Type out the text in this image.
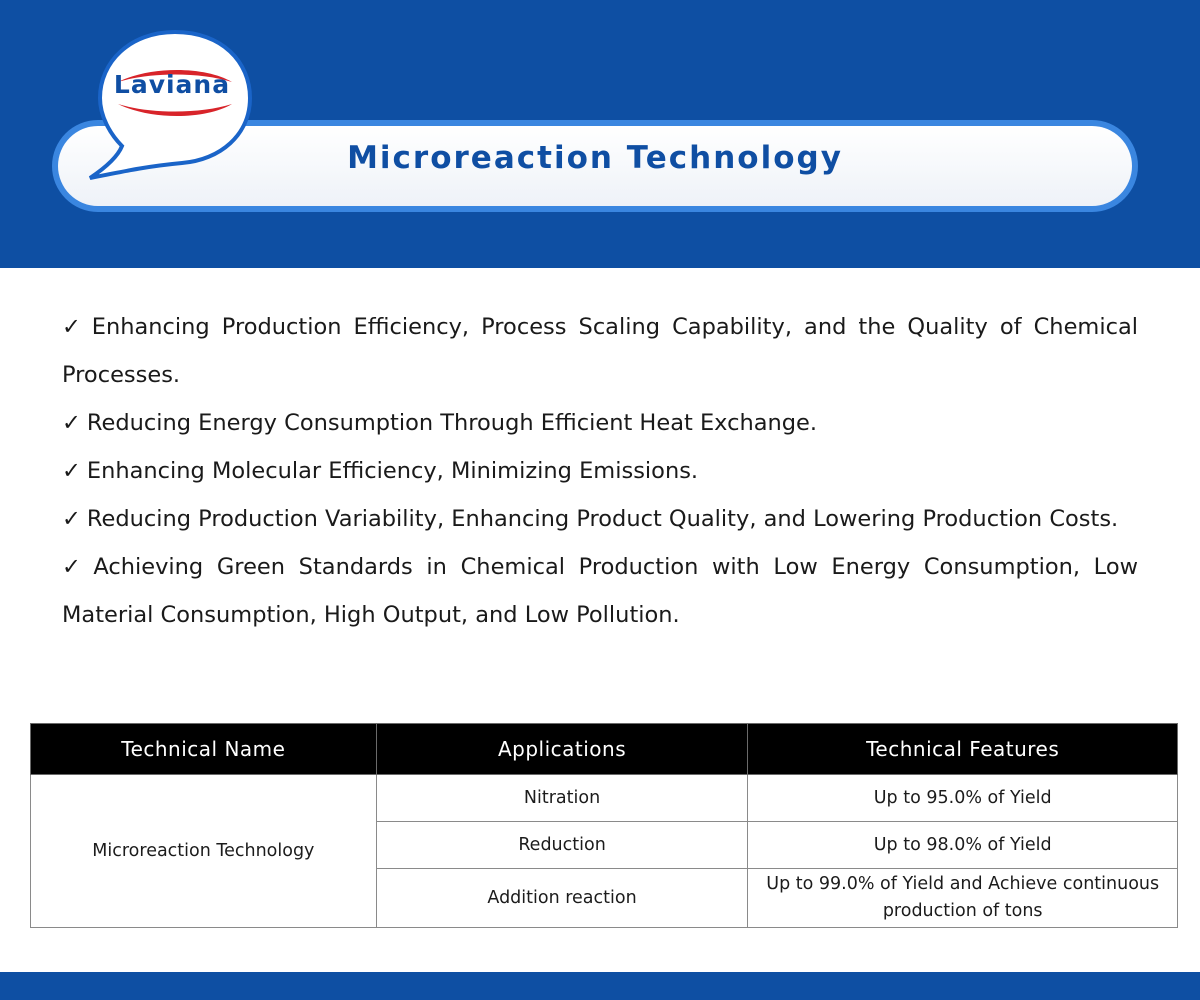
Laviana
Microreaction Technology

✓ Enhancing Production Efficiency, Process Scaling Capability, and the Quality of Chemical Processes.

✓ Reducing Energy Consumption Through Efficient Heat Exchange.

✓ Enhancing Molecular Efficiency, Minimizing Emissions.

✓ Reducing Production Variability, Enhancing Product Quality, and Lowering Production Costs.

✓ Achieving Green Standards in Chemical Production with Low Energy Consumption, Low Material Consumption, High Output, and Low Pollution.

Technical Name	Applications	Technical Features
Microreaction Technology	Nitration	Up to 95.0% of Yield
	Reduction	Up to 98.0% of Yield
	Addition reaction	Up to 99.0% of Yield and Achieve continuous production of tons
